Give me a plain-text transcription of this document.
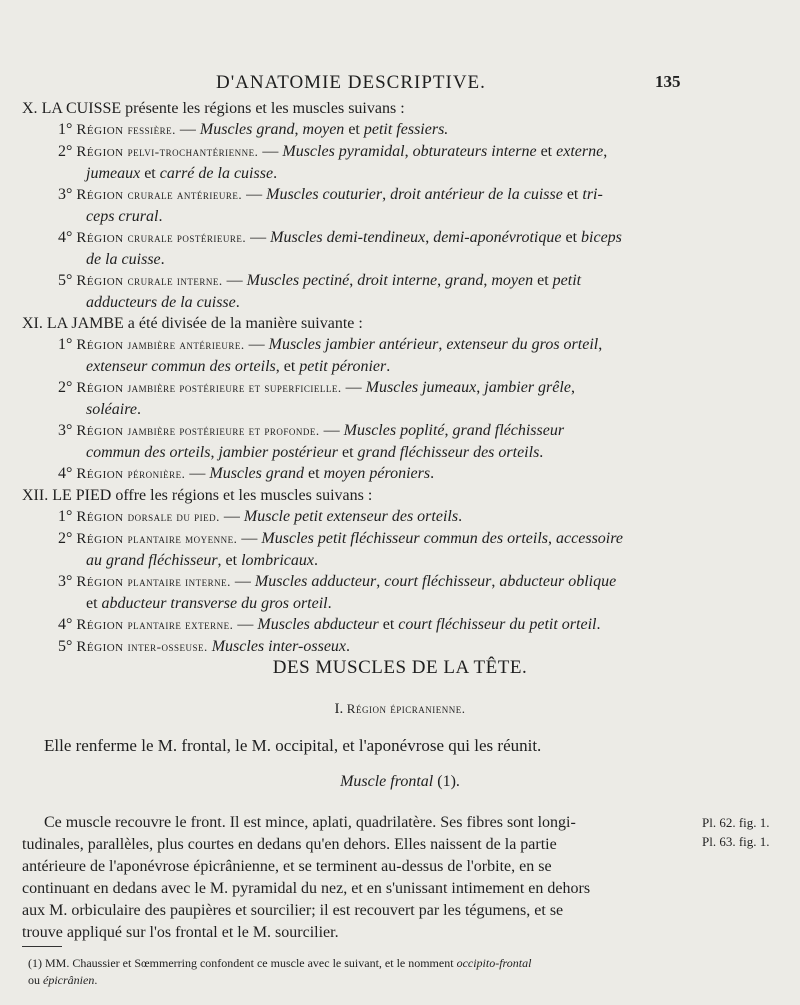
D'ANATOMIE DESCRIPTIVE.	135
X. LA CUISSE présente les régions et les muscles suivans :
1° Région fessière. — Muscles grand, moyen et petit fessiers.
2° Région pelvi-trochantérienne. — Muscles pyramidal, obturateurs interne et externe,
jumeaux et carré de la cuisse.
3° Région crurale antérieure. — Muscles couturier, droit antérieur de la cuisse et tri-
ceps crural.
4° Région crurale postérieure. — Muscles demi-tendineux, demi-aponévrotique et biceps
de la cuisse.
5° Région crurale interne. — Muscles pectiné, droit interne, grand, moyen et petit
adducteurs de la cuisse.
XI. LA JAMBE a été divisée de la manière suivante :
1° Région jambière antérieure. — Muscles jambier antérieur, extenseur du gros orteil,
extenseur commun des orteils, et petit péronier.
2° Région jambière postérieure et superficielle. — Muscles jumeaux, jambier grêle,
soléaire.
3° Région jambière postérieure et profonde. — Muscles poplité, grand fléchisseur
commun des orteils, jambier postérieur et grand fléchisseur des orteils.
4° Région péronière. — Muscles grand et moyen péroniers.
XII. LE PIED offre les régions et les muscles suivans :
1° Région dorsale du pied. — Muscle petit extenseur des orteils.
2° Région plantaire moyenne. — Muscles petit fléchisseur commun des orteils, accessoire
au grand fléchisseur, et lombricaux.
3° Région plantaire interne. — Muscles adducteur, court fléchisseur, abducteur oblique
et abducteur transverse du gros orteil.
4° Région plantaire externe. — Muscles abducteur et court fléchisseur du petit orteil.
5° Région inter-osseuse. Muscles inter-osseux.
DES MUSCLES DE LA TÊTE.
I. Région épicranienne.
Elle renferme le M. frontal, le M. occipital, et l'aponévrose qui les réunit.
Muscle frontal (1).
Ce muscle recouvre le front. Il est mince, aplati, quadrilatère. Ses fibres sont longi-
tudinales, parallèles, plus courtes en dedans qu'en dehors. Elles naissent de la partie
antérieure de l'aponévrose épicrânienne, et se terminent au-dessus de l'orbite, en se
continuant en dedans avec le M. pyramidal du nez, et en s'unissant intimement en dehors
aux M. orbiculaire des paupières et sourcilier; il est recouvert par les tégumens, et se
trouve appliqué sur l'os frontal et le M. sourcilier.
Pl. 62. fig. 1.
Pl. 63. fig. 1.
(1) MM. Chaussier et Sœmmerring confondent ce muscle avec le suivant, et le nomment occipito-frontal
ou épicrânien.
